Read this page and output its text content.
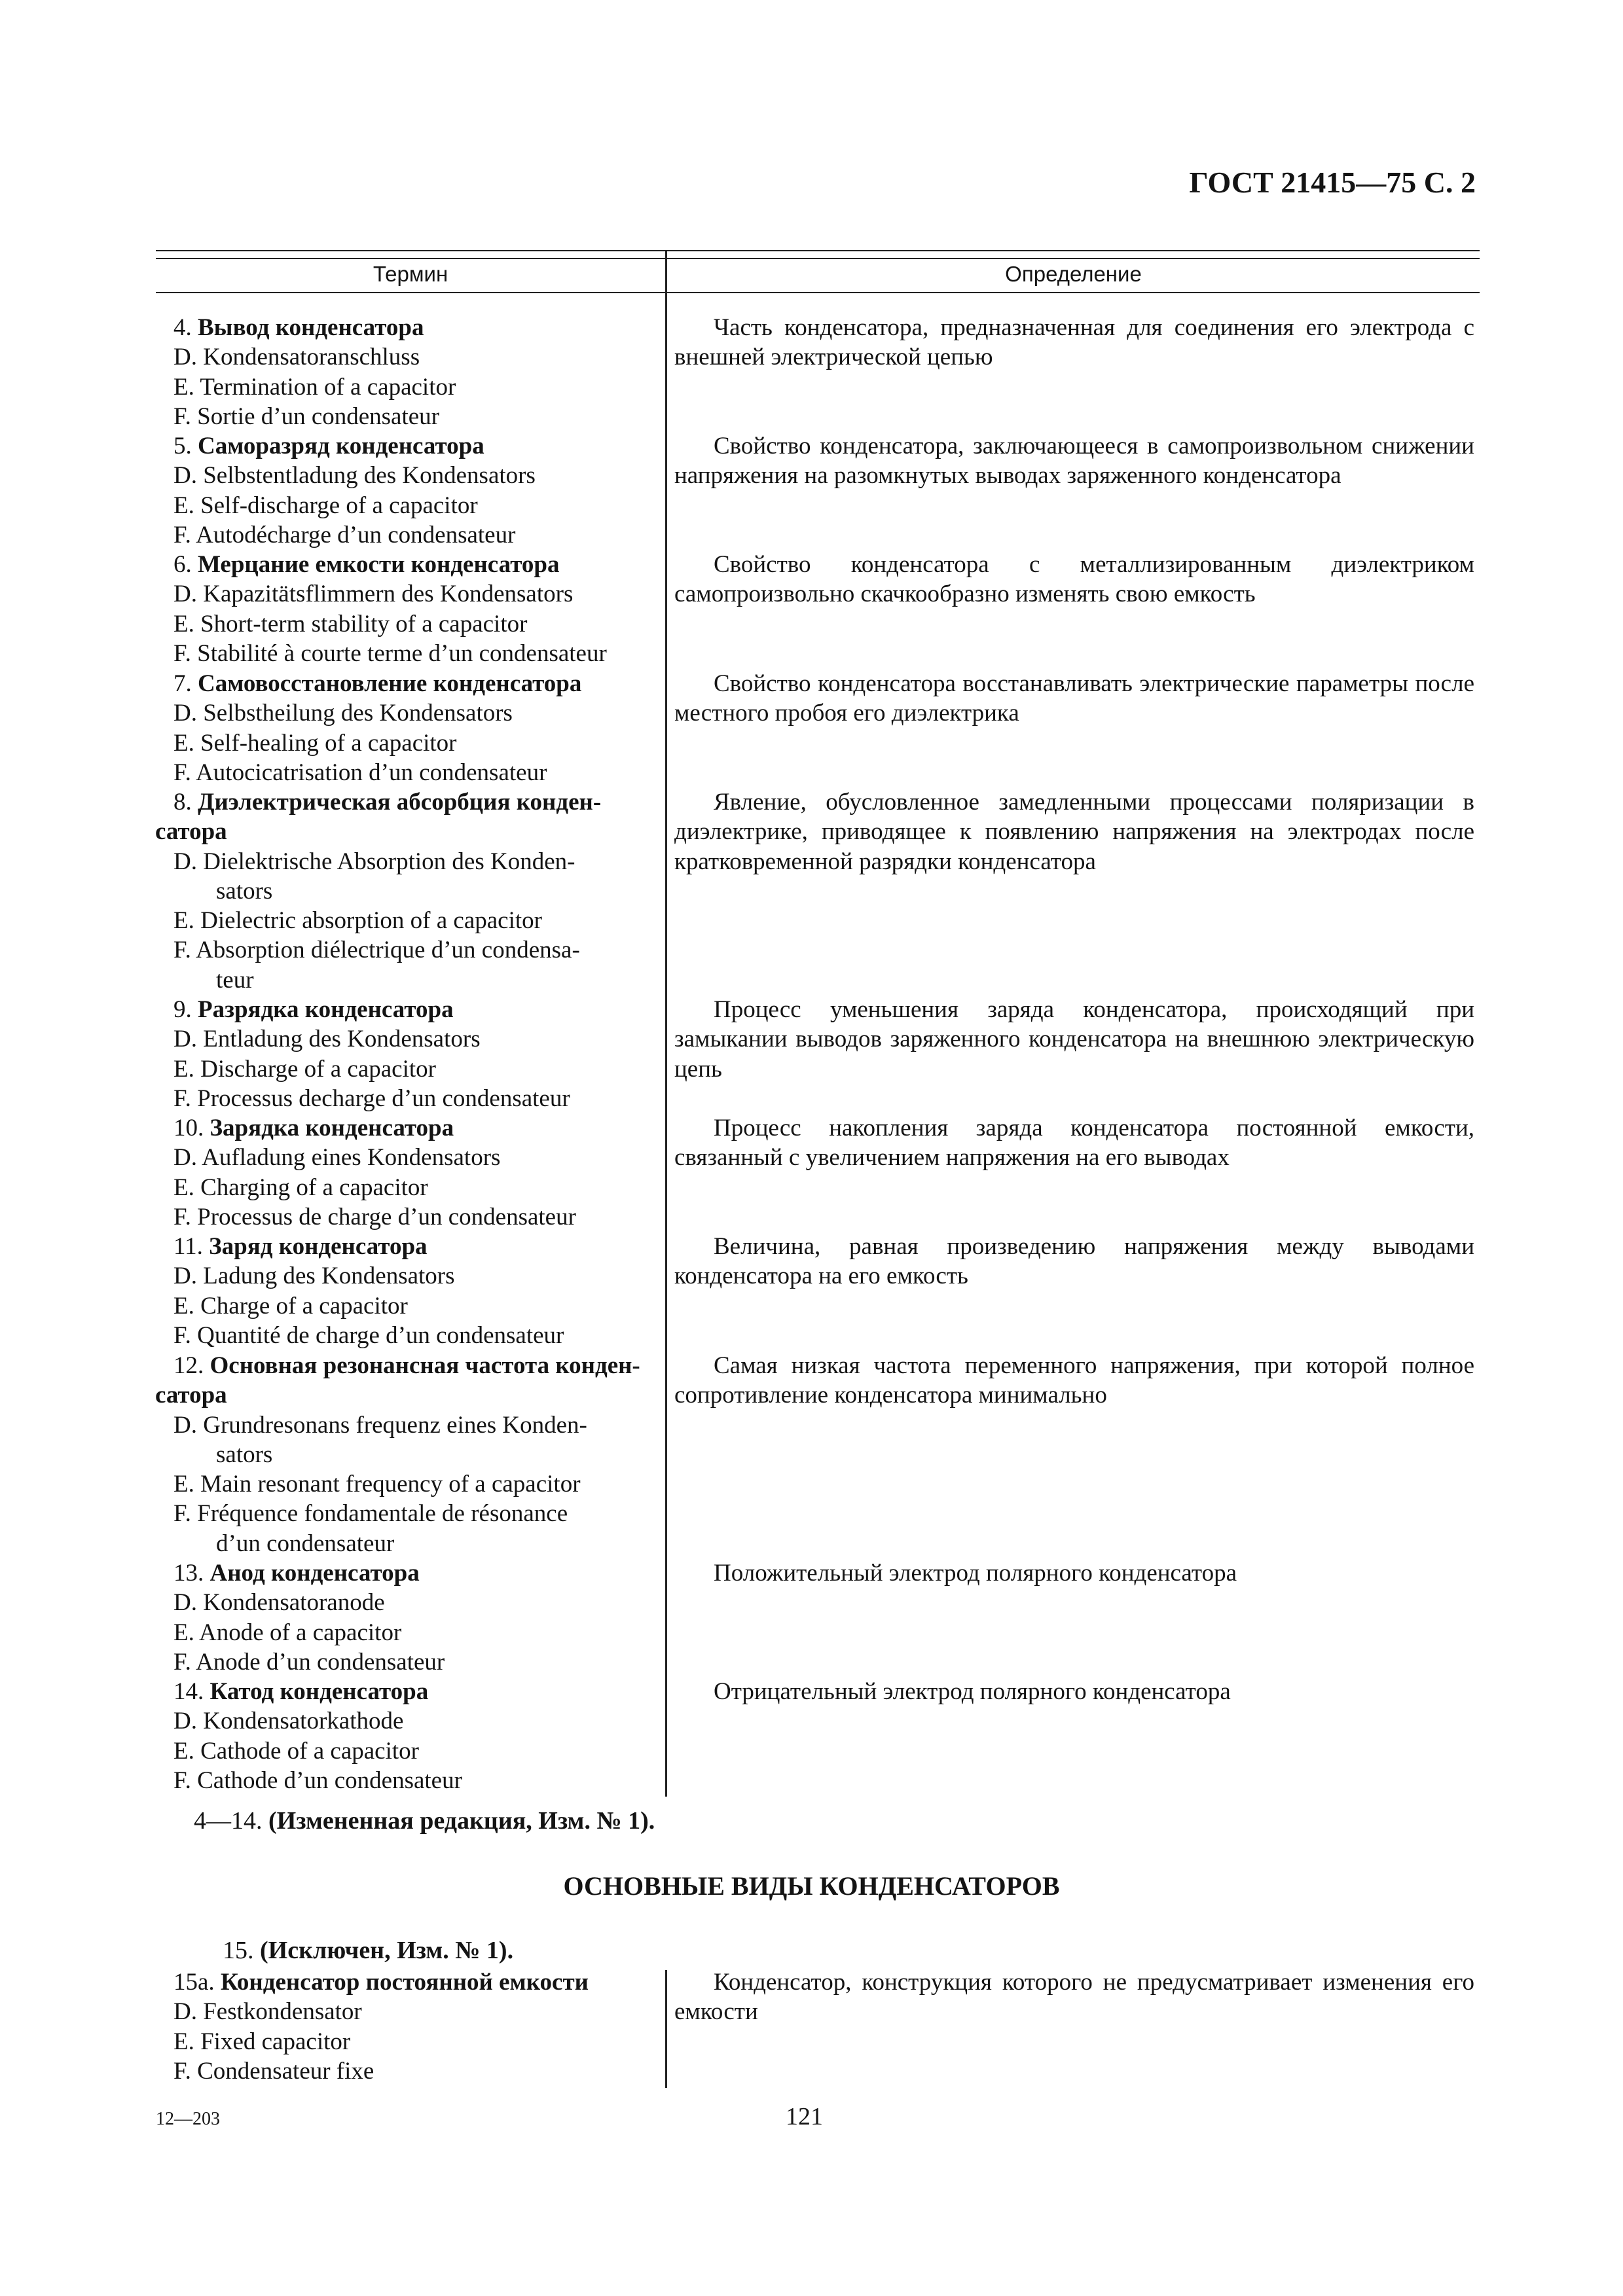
ГОСТ 21415—75 С. 2
Термин	Определение
4. Вывод конденсатора
D. Kondensatoranschluss
E. Termination of a capacitor
F. Sortie d’un condensateur
Часть конденсатора, предназначенная для соединения его электрода с внешней электрической цепью
5. Саморазряд конденсатора
D. Selbstentladung des Kondensators
E. Self-discharge of a capacitor
F. Autodécharge d’un condensateur
Свойство конденсатора, заключающееся в самопроизвольном снижении напряжения на разомкнутых выводах заряженного конденсатора
6. Мерцание емкости конденсатора
D. Kapazitätsflimmern des Kondensators
E. Short-term stability of a capacitor
F. Stabilité à courte terme d’un condensateur
Свойство конденсатора с металлизированным диэлектриком самопроизвольно скачкообразно изменять свою емкость
7. Самовосстановление конденсатора
D. Selbstheilung des Kondensators
E. Self-healing of a capacitor
F. Autocicatrisation d’un condensateur
Свойство конденсатора восстанавливать электрические параметры после местного пробоя его диэлектрика
8. Диэлектрическая абсорбция конден-
сатора
D. Dielektrische Absorption des Konden-
sators
E. Dielectric absorption of a capacitor
F. Absorption diélectrique d’un condensa-
teur
Явление, обусловленное замедленными процессами поляризации в диэлектрике, приводящее к появлению напряжения на электродах после кратковременной разрядки конденсатора
9. Разрядка конденсатора
D. Entladung des Kondensators
E. Discharge of a capacitor
F. Processus decharge d’un condensateur
Процесс уменьшения заряда конденсатора, происходящий при замыкании выводов заряженного конденсатора на внешнюю электрическую цепь
10. Зарядка конденсатора
D. Aufladung eines Kondensators
E. Charging of a capacitor
F. Processus de charge d’un condensateur
Процесс накопления заряда конденсатора постоянной емкости, связанный с увеличением напряжения на его выводах
11. Заряд конденсатора
D. Ladung des Kondensators
E. Charge of a capacitor
F. Quantité de charge d’un condensateur
Величина, равная произведению напряжения между выводами конденсатора на его емкость
12. Основная резонансная частота конден-
сатора
D. Grundresonans frequenz eines Konden-
sators
E. Main resonant frequency of a capacitor
F. Fréquence fondamentale de résonance
d’un condensateur
Самая низкая частота переменного напряжения, при которой полное сопротивление конденсатора минимально
13. Анод конденсатора
D. Kondensatoranode
E. Anode of a capacitor
F. Anode d’un condensateur
Положительный электрод полярного конденсатора
14. Катод конденсатора
D. Kondensatorkathode
E. Cathode of a capacitor
F. Cathode d’un condensateur
Отрицательный электрод полярного конденсатора
4—14. (Измененная редакция, Изм. № 1).
ОСНОВНЫЕ ВИДЫ КОНДЕНСАТОРОВ
15. (Исключен, Изм. № 1).
15а. Конденсатор постоянной емкости
D. Festkondensator
E. Fixed capacitor
F. Condensateur fixe
Конденсатор, конструкция которого не предусматривает изменения его емкости
12—203	121
